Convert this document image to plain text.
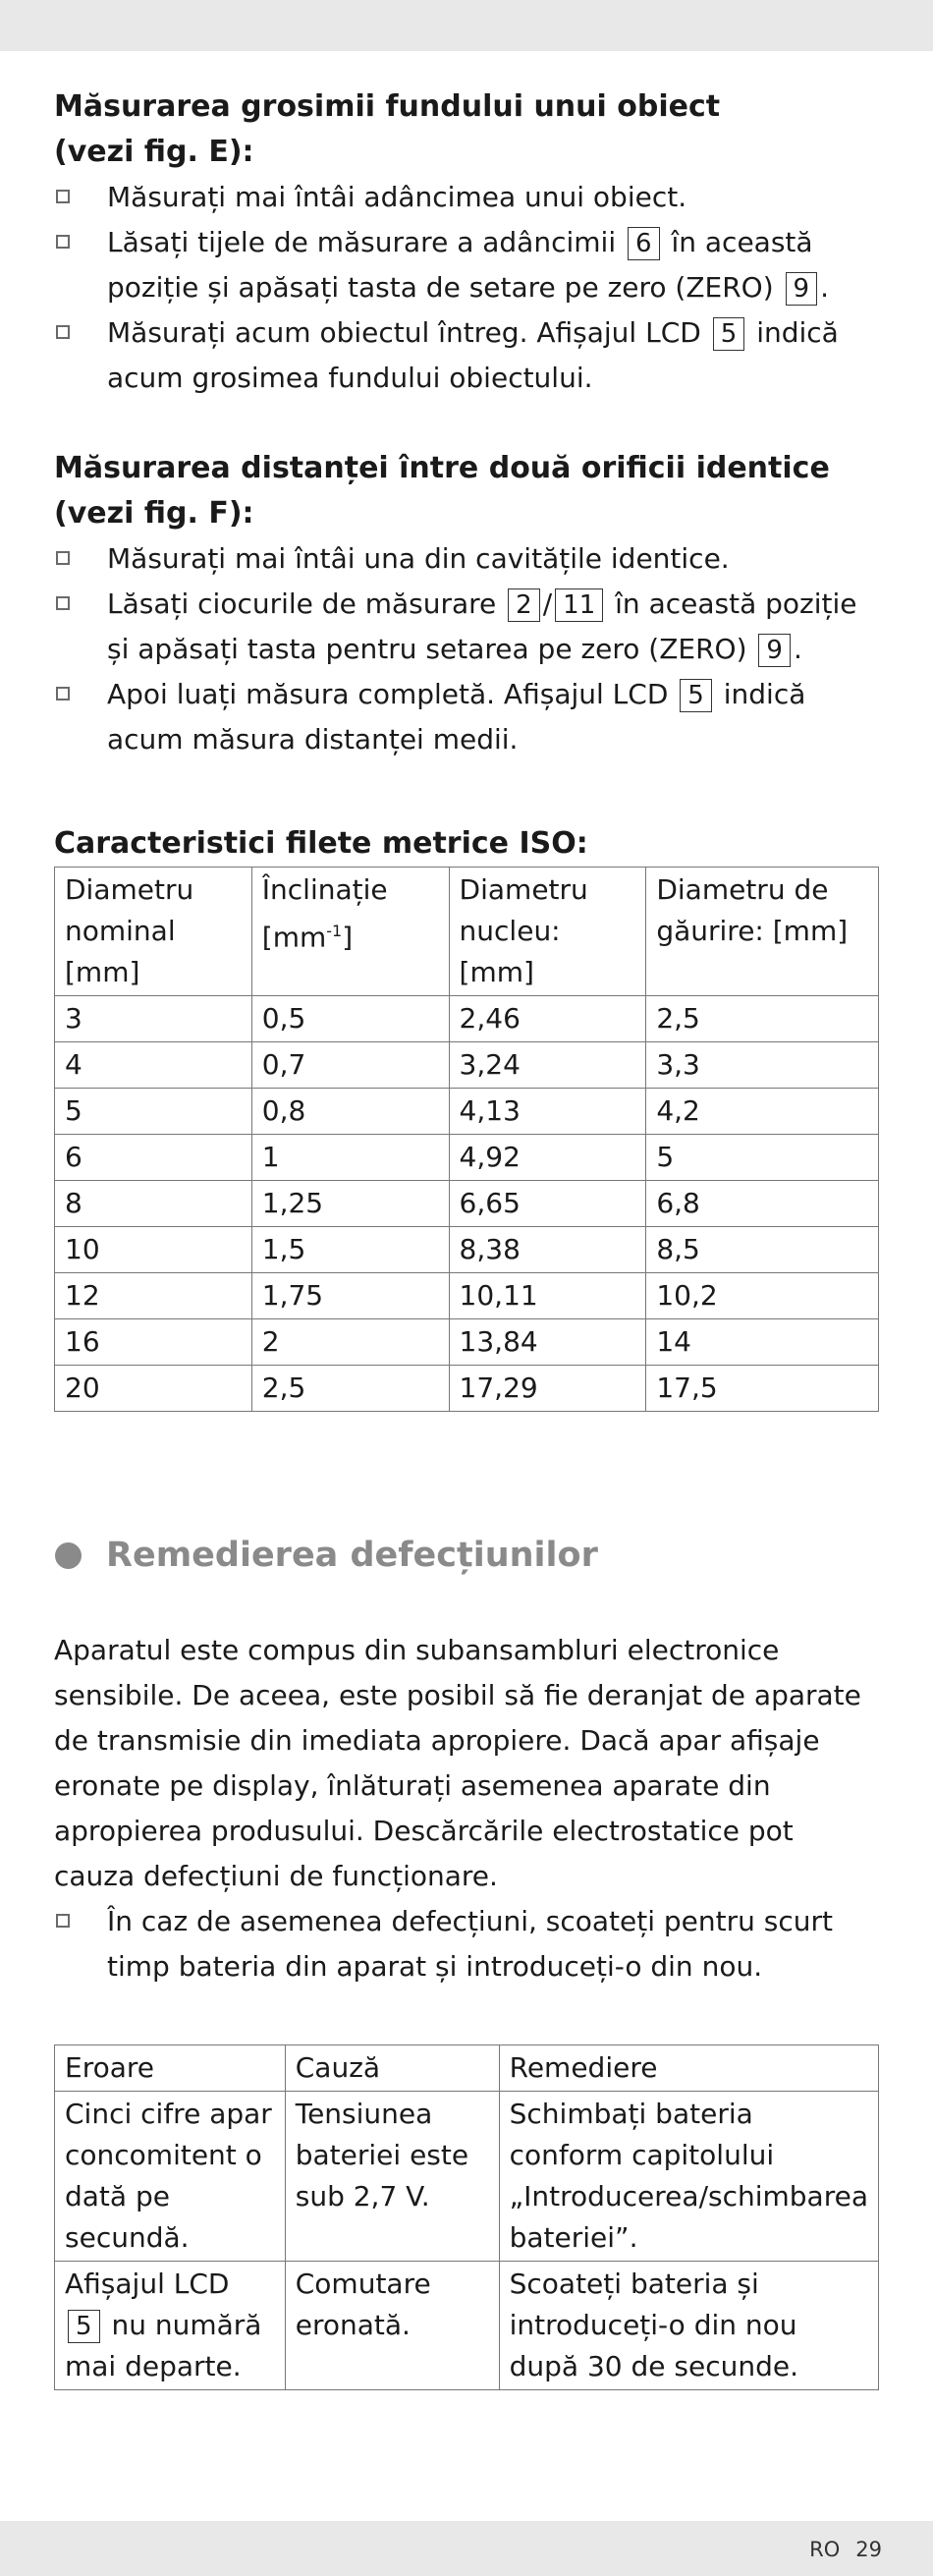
Măsurarea grosimii fundului unui obiect
(vezi fig. E):
Măsurați mai întâi adâncimea unui obiect.
Lăsați tijele de măsurare a adâncimii 6 în această poziție și apăsați tasta de setare pe zero (ZERO) 9 .
Măsurați acum obiectul întreg. Afișajul LCD 5 indică acum grosimea fundului obiectului.
Măsurarea distanței între două orificii identice
(vezi fig. F):
Măsurați mai întâi una din cavitățile identice.
Lăsați ciocurile de măsurare 2 / 11 în această poziție și apăsați tasta pentru setarea pe zero (ZERO) 9 .
Apoi luați măsura completă. Afișajul LCD 5 indică acum măsura distanței medii.
Caracteristici filete metrice ISO:
Diametru nominal [mm]	Înclinație $[mm^{-1}]$	Diametru nucleu: [mm]	Diametru de găurire: [mm]
3	0,5	2,46	2,5
4	0,7	3,24	3,3
5	0,8	4,13	4,2
6	1	4,92	5
8	1,25	6,65	6,8
10	1,5	8,38	8,5
12	1,75	10,11	10,2
16	2	13,84	14
20	2,5	17,29	17,5
Remedierea defecțiunilor

Aparatul este compus din subansambluri electronice sensibile. De aceea, este posibil să fie deranjat de aparate de transmisie din imediata apropiere. Dacă apar afișaje eronate pe display, înlăturați asemenea aparate din apropierea produsului. Descărcările electrostatice pot cauza defecțiuni de funcționare.

În caz de asemenea defecțiuni, scoateți pentru scurt timp bateria din aparat și introduceți-o din nou.
Eroare	Cauză	Remediere
Cinci cifre apar concomitent o dată pe secundă.	Tensiunea bateriei este sub 2,7 V.	Schimbați bateria conform capitolului „Introducerea/schimbarea bateriei”.
Afișajul LCD 5 nu numără mai departe.	Comutare eronată.	Scoateți bateria și introduceți-o din nou după 30 de secunde.
RO 29
